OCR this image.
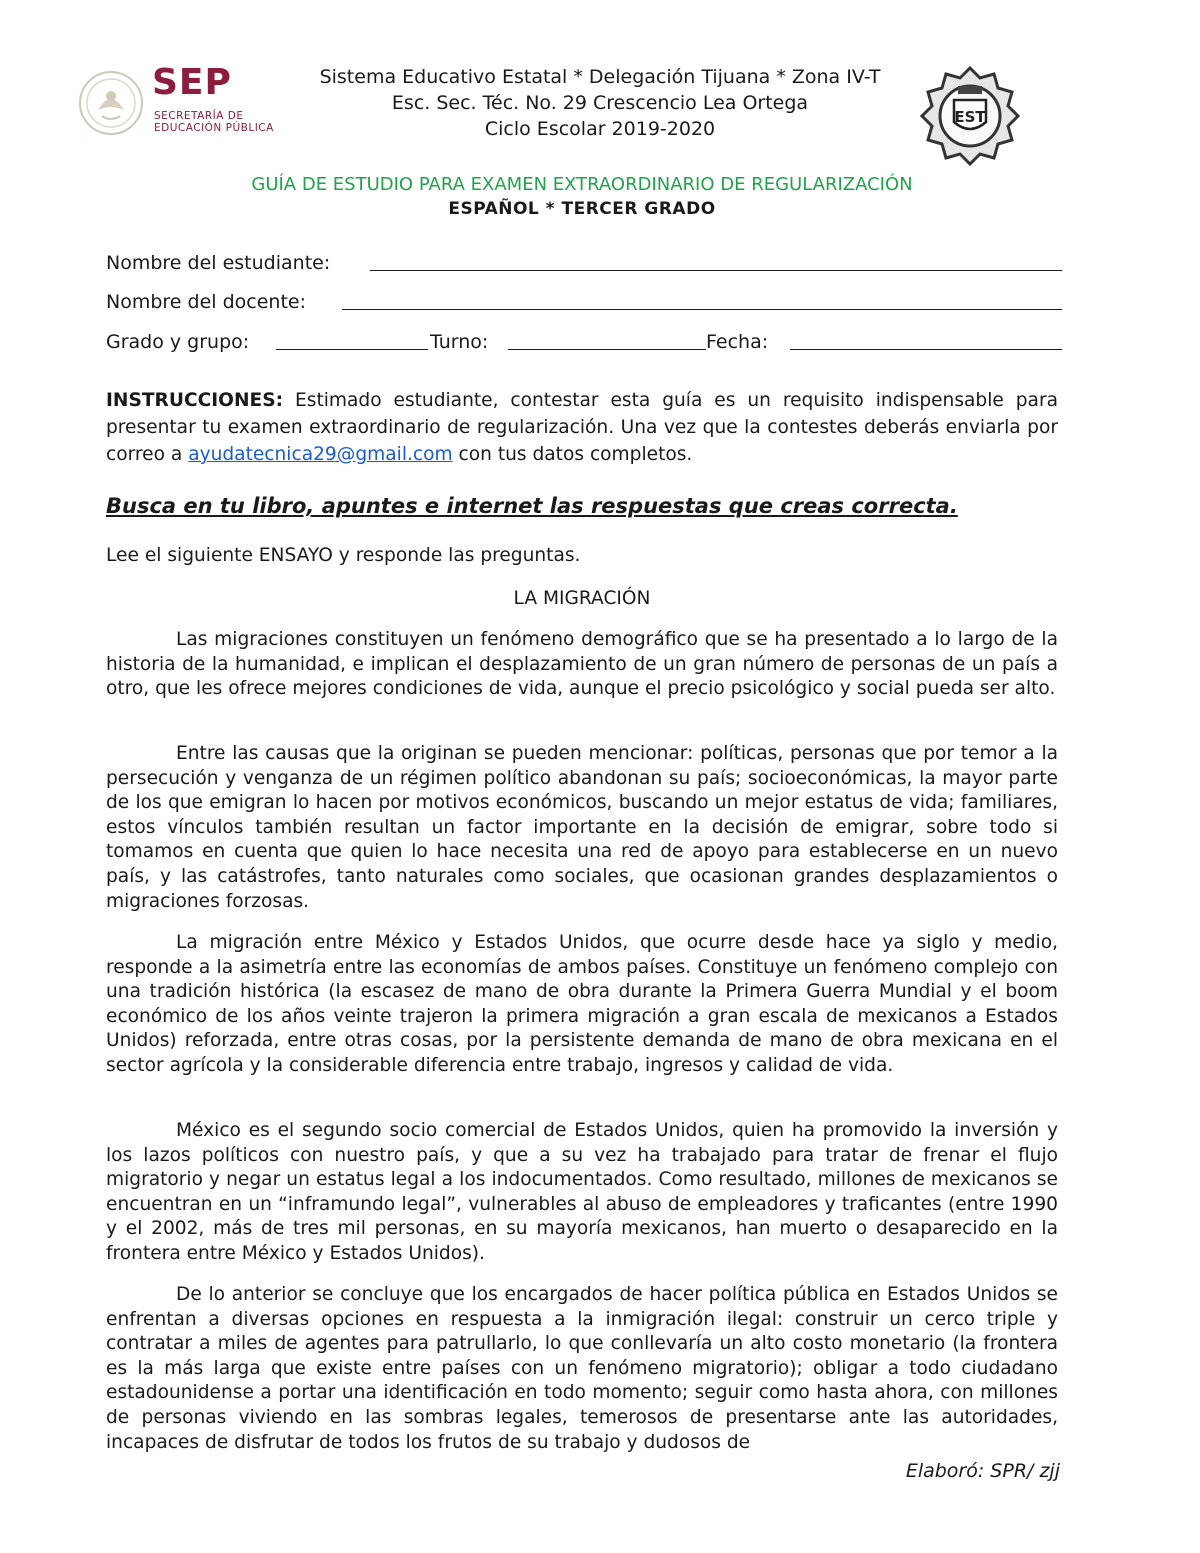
SEP
SECRETARÍA DE
EDUCACIÓN PÚBLICA
Sistema Educativo Estatal * Delegación Tijuana * Zona IV-T
Esc. Sec. Téc. No. 29 Crescencio Lea Ortega
Ciclo Escolar 2019-2020
EST
GUÍA DE ESTUDIO PARA EXAMEN EXTRAORDINARIO DE REGULARIZACIÓN
ESPAÑOL * TERCER GRADO
Nombre del estudiante:
Nombre del docente:
Grado y grupo:	Turno:	Fecha:
INSTRUCCIONES: Estimado estudiante, contestar esta guía es un requisito indispensable para presentar tu examen extraordinario de regularización. Una vez que la contestes deberás enviarla por correo a ayudatecnica29@gmail.com con tus datos completos.
Busca en tu libro, apuntes e internet las respuestas que creas correcta.
Lee el siguiente ENSAYO y responde las preguntas.
LA MIGRACIÓN
Las migraciones constituyen un fenómeno demográfico que se ha presentado a lo largo de la historia de la humanidad, e implican el desplazamiento de un gran número de personas de un país a otro, que les ofrece mejores condiciones de vida, aunque el precio psicológico y social pueda ser alto.
Entre las causas que la originan se pueden mencionar: políticas, personas que por temor a la persecución y venganza de un régimen político abandonan su país; socioeconómicas, la mayor parte de los que emigran lo hacen por motivos económicos, buscando un mejor estatus de vida; familiares, estos vínculos también resultan un factor importante en la decisión de emigrar, sobre todo si tomamos en cuenta que quien lo hace necesita una red de apoyo para establecerse en un nuevo país, y las catástrofes, tanto naturales como sociales, que ocasionan grandes desplazamientos o migraciones forzosas.
La migración entre México y Estados Unidos, que ocurre desde hace ya siglo y medio, responde a la asimetría entre las economías de ambos países. Constituye un fenómeno complejo con una tradición histórica (la escasez de mano de obra durante la Primera Guerra Mundial y el boom económico de los años veinte trajeron la primera migración a gran escala de mexicanos a Estados Unidos) reforzada, entre otras cosas, por la persistente demanda de mano de obra mexicana en el sector agrícola y la considerable diferencia entre trabajo, ingresos y calidad de vida.
México es el segundo socio comercial de Estados Unidos, quien ha promovido la inversión y los lazos políticos con nuestro país, y que a su vez ha trabajado para tratar de frenar el flujo migratorio y negar un estatus legal a los indocumentados. Como resultado, millones de mexicanos se encuentran en un “inframundo legal”, vulnerables al abuso de empleadores y traficantes (entre 1990 y el 2002, más de tres mil personas, en su mayoría mexicanos, han muerto o desaparecido en la frontera entre México y Estados Unidos).
De lo anterior se concluye que los encargados de hacer política pública en Estados Unidos se enfrentan a diversas opciones en respuesta a la inmigración ilegal: construir un cerco triple y contratar a miles de agentes para patrullarlo, lo que conllevaría un alto costo monetario (la frontera es la más larga que existe entre países con un fenómeno migratorio); obligar a todo ciudadano estadounidense a portar una identificación en todo momento; seguir como hasta ahora, con millones de personas viviendo en las sombras legales, temerosos de presentarse ante las autoridades, incapaces de disfrutar de todos los frutos de su trabajo y dudosos de
Elaboró: SPR/ zjj
